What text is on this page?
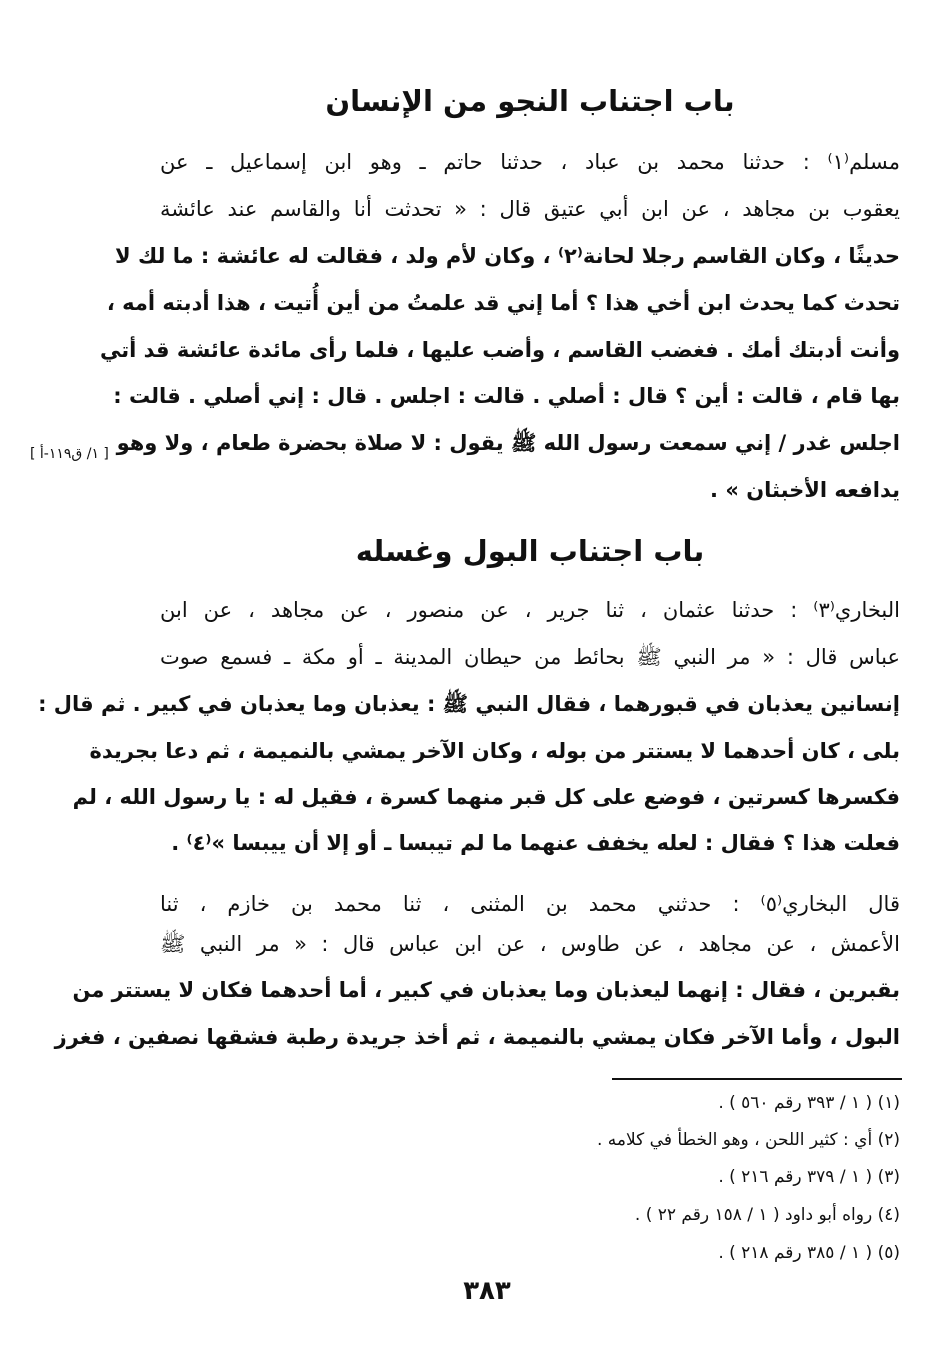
باب اجتناب النجو من الإنسان
مسلم⁽١⁾ : حدثنا محمد بن عباد ، حدثنا حاتم ـ وهو ابن إسماعيل ـ عن
يعقوب بن مجاهد ، عن ابن أبي عتيق قال : « تحدثت أنا والقاسم عند عائشة
حديثًا ، وكان القاسم رجلا لحانة⁽٢⁾ ، وكان لأم ولد ، فقالت له عائشة : ما لك لا
تحدث كما يحدث ابن أخي هذا ؟ أما إني قد علمتُ من أين أُتيت ، هذا أدبته أمه ،
وأنت أدبتك أمك . فغضب القاسم ، وأضب عليها ، فلما رأى مائدة عائشة قد أتي
بها قام ، قالت : أين ؟ قال : أصلي . قالت : اجلس . قال : إني أصلي . قالت :
اجلس غدر / إني سمعت رسول الله ﷺ يقول : لا صلاة بحضرة طعام ، ولا وهو
يدافعه الأخبثان » .
[ ١/ ق١١٩-أ ]
باب اجتناب البول وغسله
البخاري⁽٣⁾ : حدثنا عثمان ، ثنا جرير ، عن منصور ، عن مجاهد ، عن ابن
عباس قال : « مر النبي ﷺ بحائط من حيطان المدينة ـ أو مكة ـ فسمع صوت
إنسانين يعذبان في قبورهما ، فقال النبي ﷺ : يعذبان وما يعذبان في كبير . ثم قال :
بلى ، كان أحدهما لا يستتر من بوله ، وكان الآخر يمشي بالنميمة ، ثم دعا بجريدة
فكسرها كسرتين ، فوضع على كل قبر منهما كسرة ، فقيل له : يا رسول الله ، لم
فعلت هذا ؟ فقال : لعله يخفف عنهما ما لم تيبسا ـ أو إلا أن ييبسا »⁽٤⁾ .
قال البخاري⁽٥⁾ : حدثني محمد بن المثنى ، ثنا محمد بن خازم ، ثنا
الأعمش ، عن مجاهد ، عن طاوس ، عن ابن عباس قال : « مر النبي ﷺ
بقبرين ، فقال : إنهما ليعذبان وما يعذبان في كبير ، أما أحدهما فكان لا يستتر من
البول ، وأما الآخر فكان يمشي بالنميمة ، ثم أخذ جريدة رطبة فشقها نصفين ، فغرز
(١) ( ١ / ٣٩٣ رقم ٥٦٠ ) .
(٢) أي : كثير اللحن ، وهو الخطأ في كلامه .
(٣) ( ١ / ٣٧٩ رقم ٢١٦ ) .
(٤) رواه أبو داود ( ١ / ١٥٨ رقم ٢٢ ) .
(٥) ( ١ / ٣٨٥ رقم ٢١٨ ) .
٣٨٣
